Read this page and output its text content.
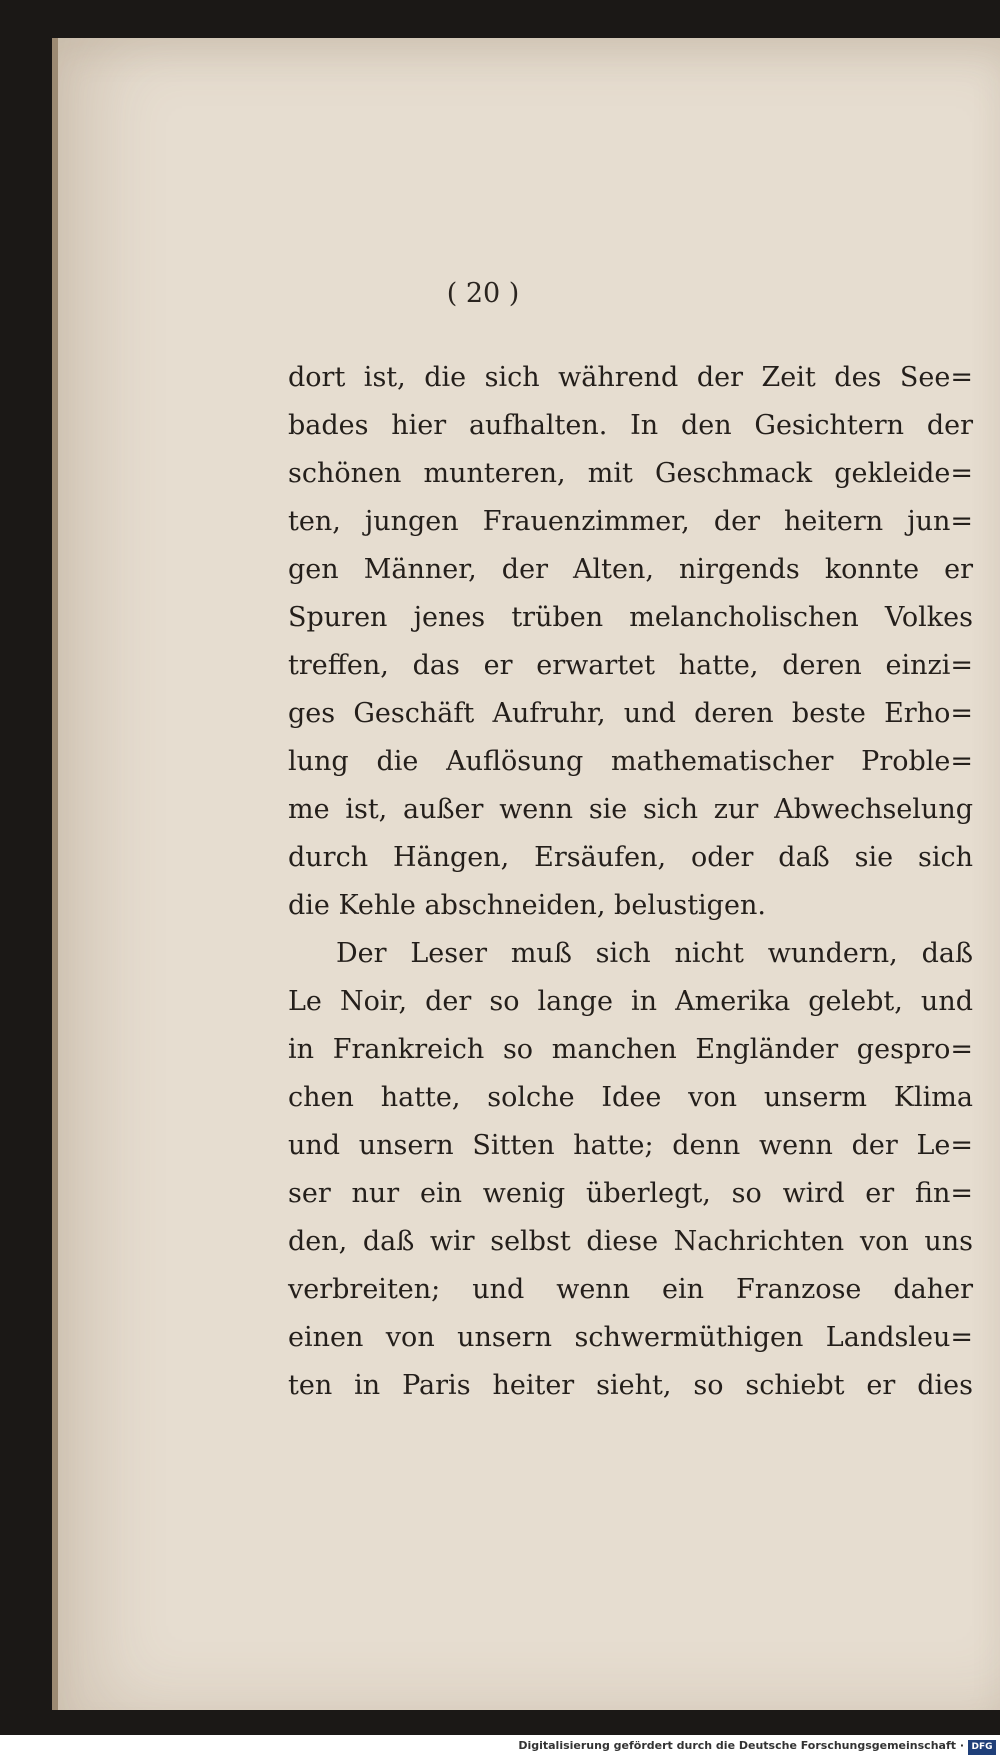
( 20 )
dort ist, die sich während der Zeit des See=
bades hier aufhalten. In den Gesichtern der
schönen munteren, mit Geschmack gekleide=
ten, jungen Frauenzimmer, der heitern jun=
gen Männer, der Alten, nirgends konnte er
Spuren jenes trüben melancholischen Volkes
treffen, das er erwartet hatte, deren einzi=
ges Geschäft Aufruhr, und deren beste Erho=
lung die Auflösung mathematischer Proble=
me ist, außer wenn sie sich zur Abwechselung
durch Hängen, Ersäufen, oder daß sie sich
die Kehle abschneiden, belustigen.
Der Leser muß sich nicht wundern, daß
Le Noir, der so lange in Amerika gelebt, und
in Frankreich so manchen Engländer gespro=
chen hatte, solche Idee von unserm Klima
und unsern Sitten hatte; denn wenn der Le=
ser nur ein wenig überlegt, so wird er fin=
den, daß wir selbst diese Nachrichten von uns
verbreiten; und wenn ein Franzose daher
einen von unsern schwermüthigen Landsleu=
ten in Paris heiter sieht, so schiebt er dies
Digitalisierung gefördert durch die Deutsche Forschungsgemeinschaft · DFG
